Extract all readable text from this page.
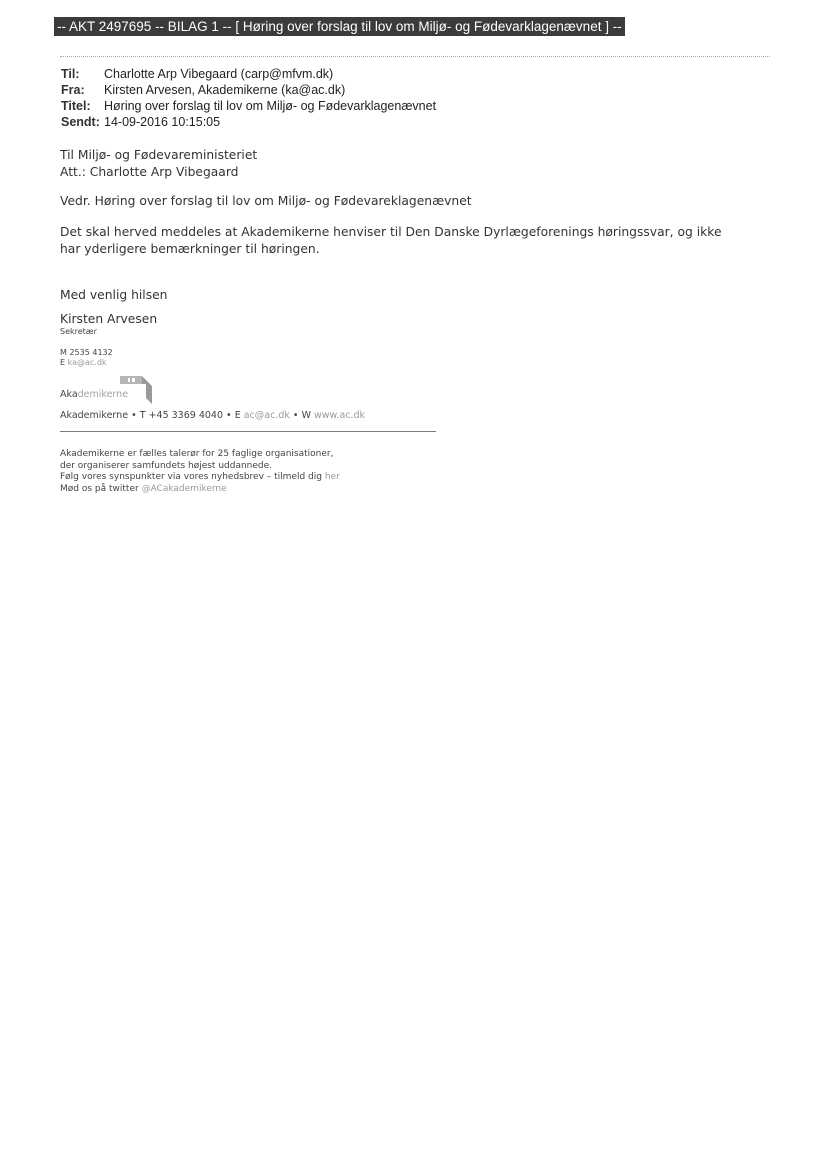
-- AKT 2497695 -- BILAG 1 -- [ Høring over forslag til lov om Miljø- og Fødevarklagenævnet ] --
Til:	Charlotte Arp Vibegaard (carp@mfvm.dk)
Fra:	Kirsten Arvesen, Akademikerne (ka@ac.dk)
Titel:	Høring over forslag til lov om Miljø- og Fødevarklagenævnet
Sendt: 14-09-2016 10:15:05
Til Miljø- og Fødevareministeriet
Att.: Charlotte Arp Vibegaard
Vedr. Høring over forslag til lov om Miljø- og Fødevareklagenævnet
Det skal herved meddeles at Akademikerne henviser til Den Danske Dyrlægeforenings høringssvar, og ikke
har yderligere bemærkninger til høringen.
Med venlig hilsen
Kirsten Arvesen
Sekretær
M 2535 4132
E ka@ac.dk
Akademikerne
Akademikerne • T +45 3369 4040 • E ac@ac.dk • W www.ac.dk
Akademikerne er fælles talerør for 25 faglige organisationer,
der organiserer samfundets højest uddannede.
Følg vores synspunkter via vores nyhedsbrev – tilmeld dig her
Mød os på twitter @ACakademikerne
